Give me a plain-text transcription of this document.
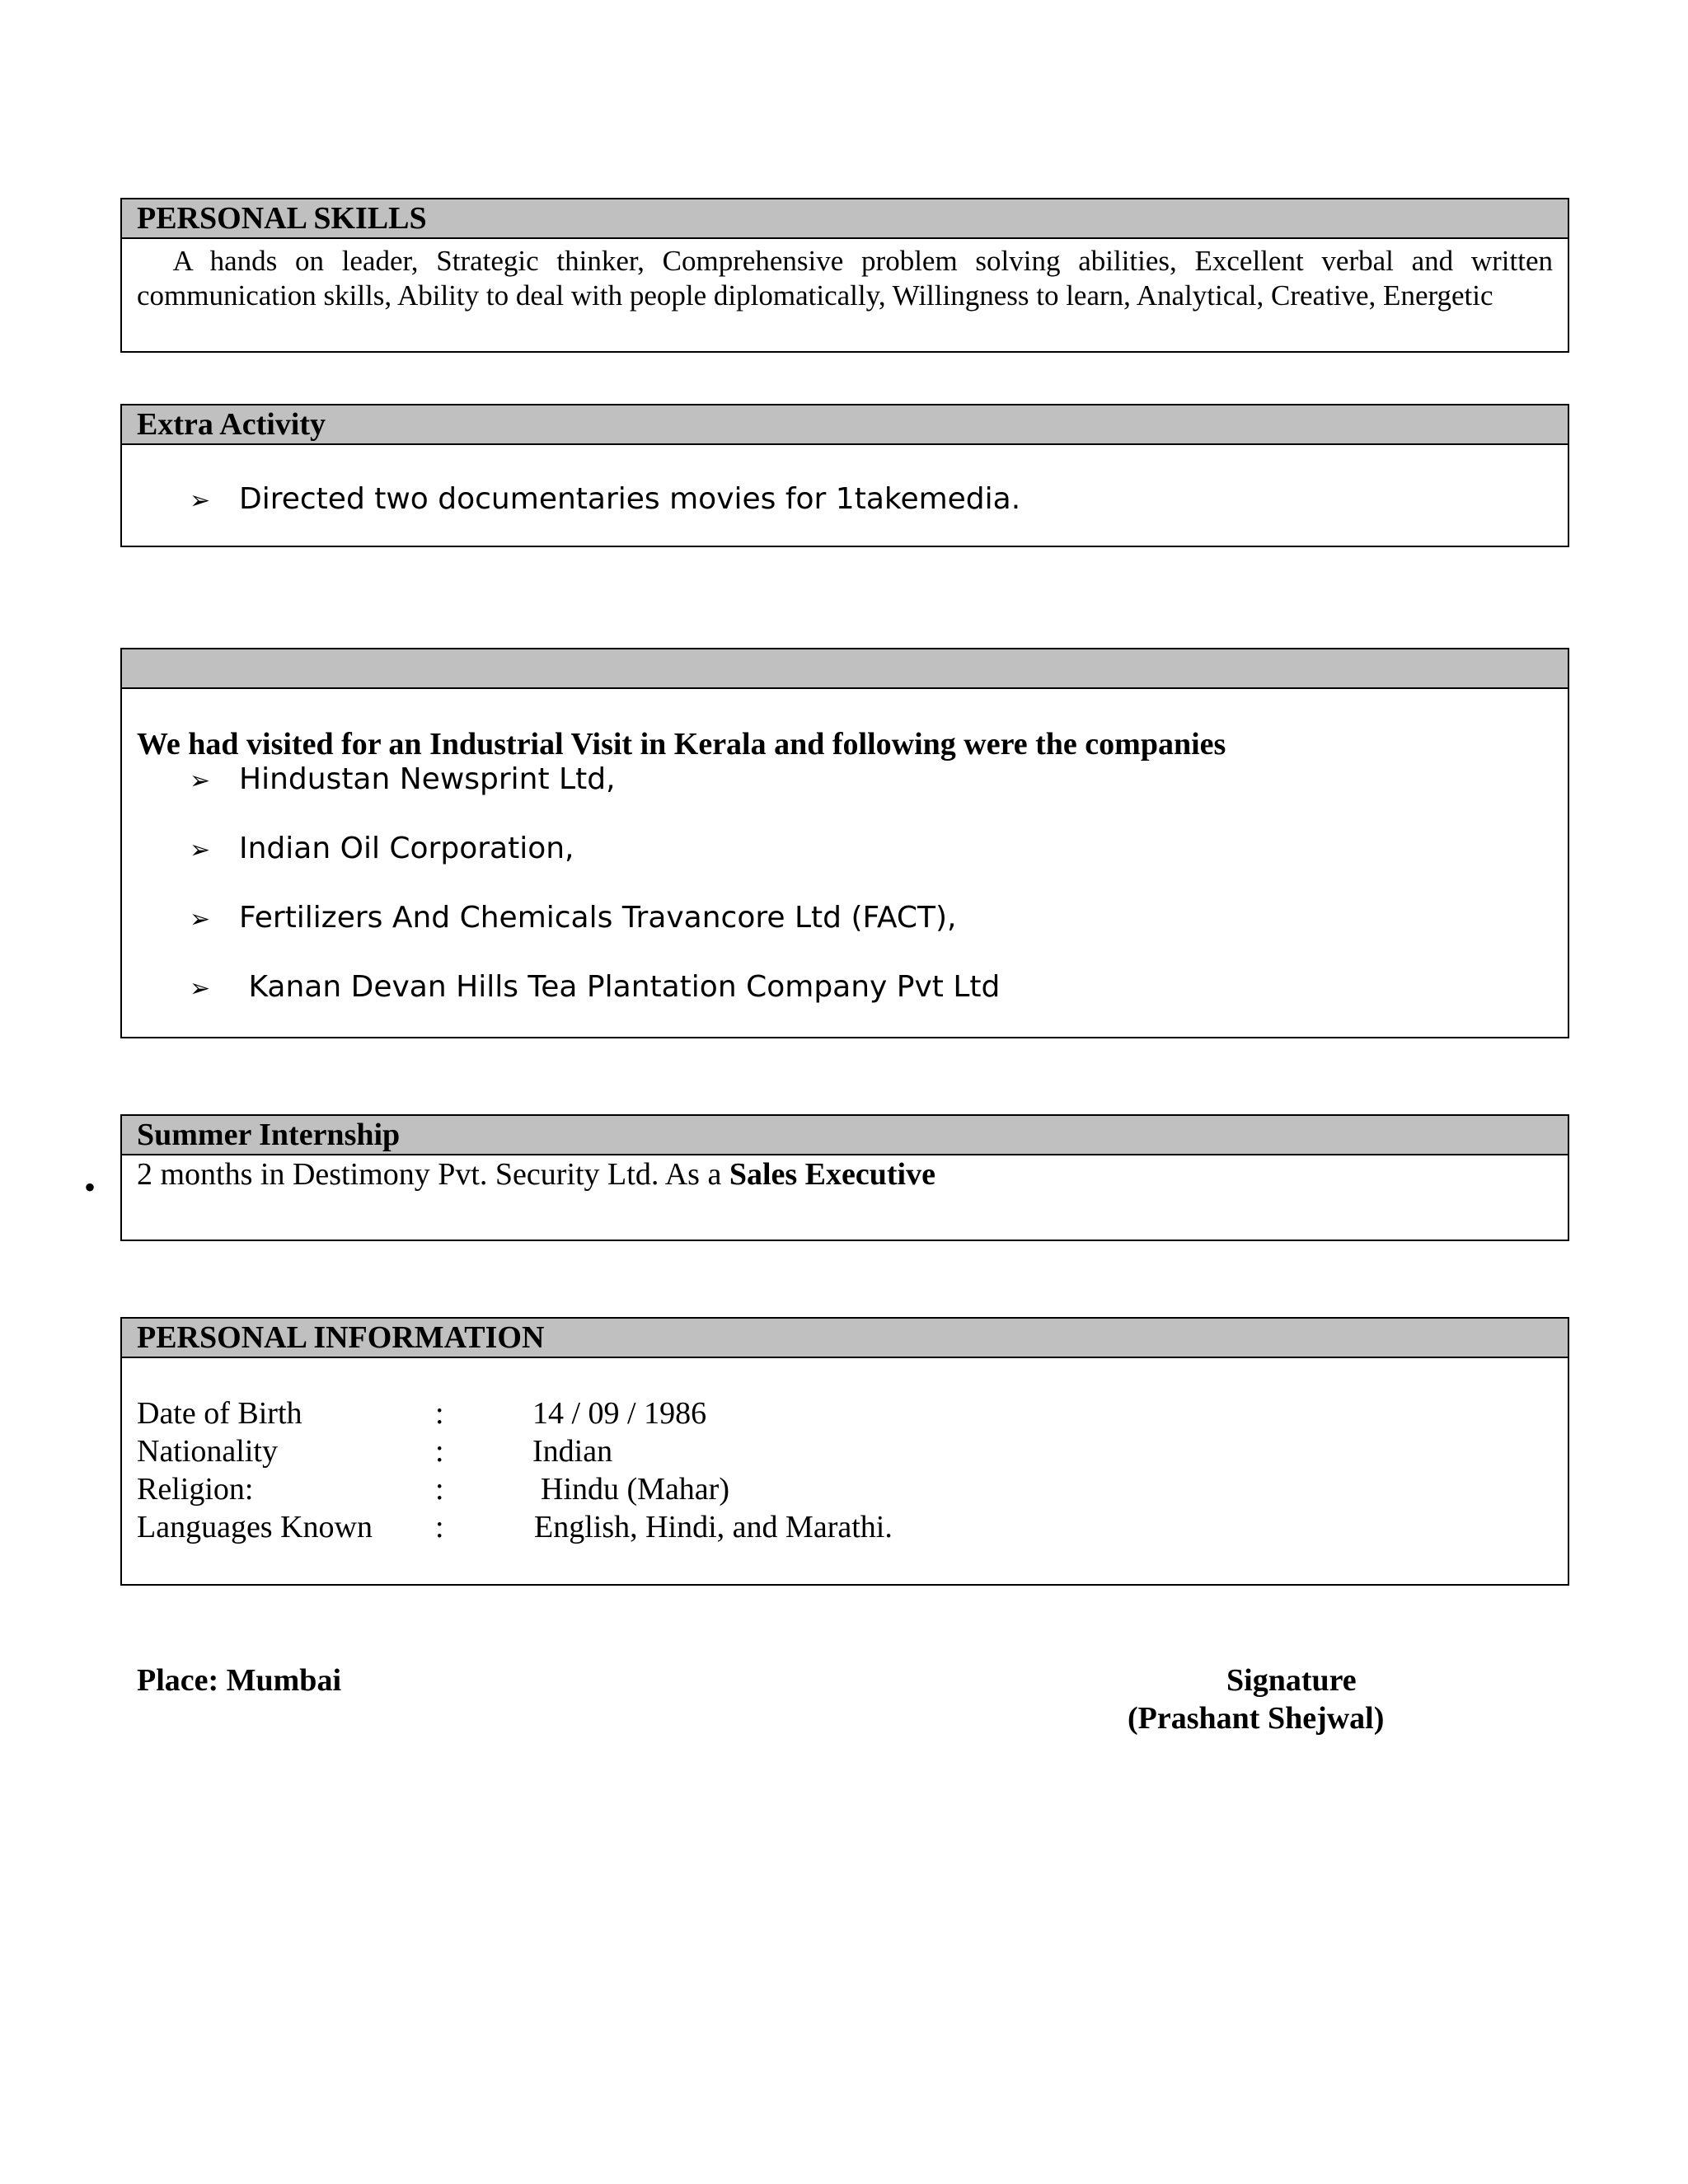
PERSONAL SKILLS
A hands on leader, Strategic thinker, Comprehensive problem solving abilities, Excellent verbal and written communication skills, Ability to deal with people diplomatically, Willingness to learn, Analytical, Creative, Energetic
Extra Activity
➢ Directed two documentaries movies for 1takemedia.
We had visited for an Industrial Visit in Kerala and following were the companies
➢ Hindustan Newsprint Ltd,
➢ Indian Oil Corporation,
➢ Fertilizers And Chemicals Travancore Ltd (FACT),
➢ Kanan Devan Hills Tea Plantation Company Pvt Ltd
•
Summer Internship
2 months in Destimony Pvt. Security Ltd. As a Sales Executive
PERSONAL INFORMATION
Date of Birth	:	14 / 09 / 1986
Nationality	:	Indian
Religion:	:	Hindu (Mahar)
Languages Known :	English, Hindi, and Marathi.
Place: Mumbai	Signature
(Prashant Shejwal)
